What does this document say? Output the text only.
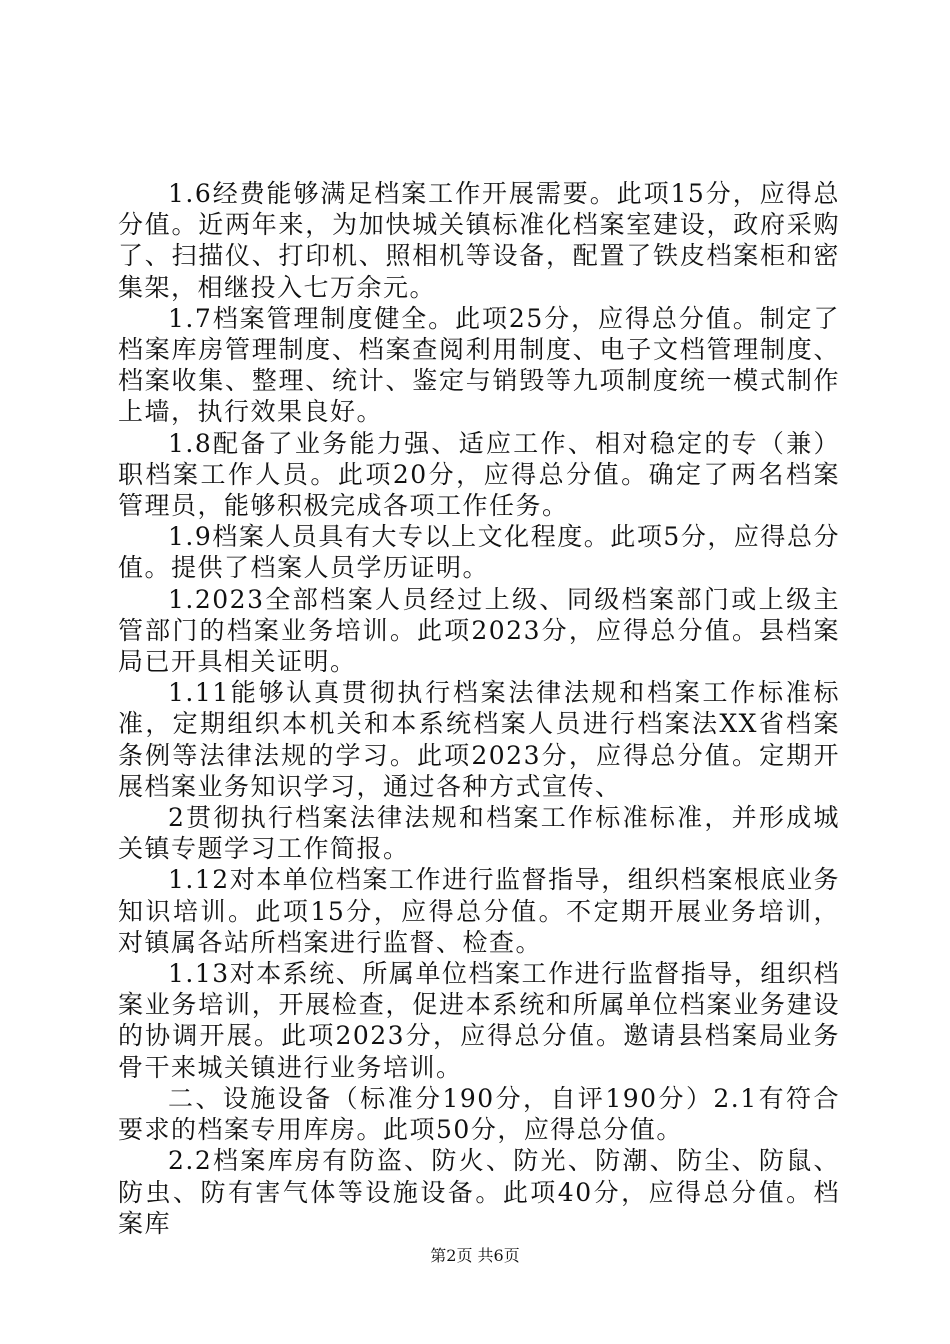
1.6经费能够满足档案工作开展需要。此项15分，应得总分值。近两年来，为加快城关镇标准化档案室建设，政府采购了、扫描仪、打印机、照相机等设备，配置了铁皮档案柜和密集架，相继投入七万余元。

1.7档案管理制度健全。此项25分，应得总分值。制定了档案库房管理制度、档案查阅利用制度、电子文档管理制度、档案收集、整理、统计、鉴定与销毁等九项制度统一模式制作上墙，执行效果良好。

1.8配备了业务能力强、适应工作、相对稳定的专（兼）职档案工作人员。此项20分，应得总分值。确定了两名档案管理员，能够积极完成各项工作任务。

1.9档案人员具有大专以上文化程度。此项5分，应得总分值。提供了档案人员学历证明。

1.2023全部档案人员经过上级、同级档案部门或上级主管部门的档案业务培训。此项2023分，应得总分值。县档案局已开具相关证明。

1.11能够认真贯彻执行档案法律法规和档案工作标准标准，定期组织本机关和本系统档案人员进行档案法XX省档案条例等法律法规的学习。此项2023分，应得总分值。定期开展档案业务知识学习，通过各种方式宣传、

2贯彻执行档案法律法规和档案工作标准标准，并形成城关镇专题学习工作简报。

1.12对本单位档案工作进行监督指导，组织档案根底业务知识培训。此项15分，应得总分值。不定期开展业务培训，对镇属各站所档案进行监督、检查。

1.13对本系统、所属单位档案工作进行监督指导，组织档案业务培训，开展检查，促进本系统和所属单位档案业务建设的协调开展。此项2023分，应得总分值。邀请县档案局业务骨干来城关镇进行业务培训。

二、设施设备（标准分190分，自评190分）2.1有符合要求的档案专用库房。此项50分，应得总分值。

2.2档案库房有防盗、防火、防光、防潮、防尘、防鼠、防虫、防有害气体等设施设备。此项40分，应得总分值。档案库

第2页 共6页
